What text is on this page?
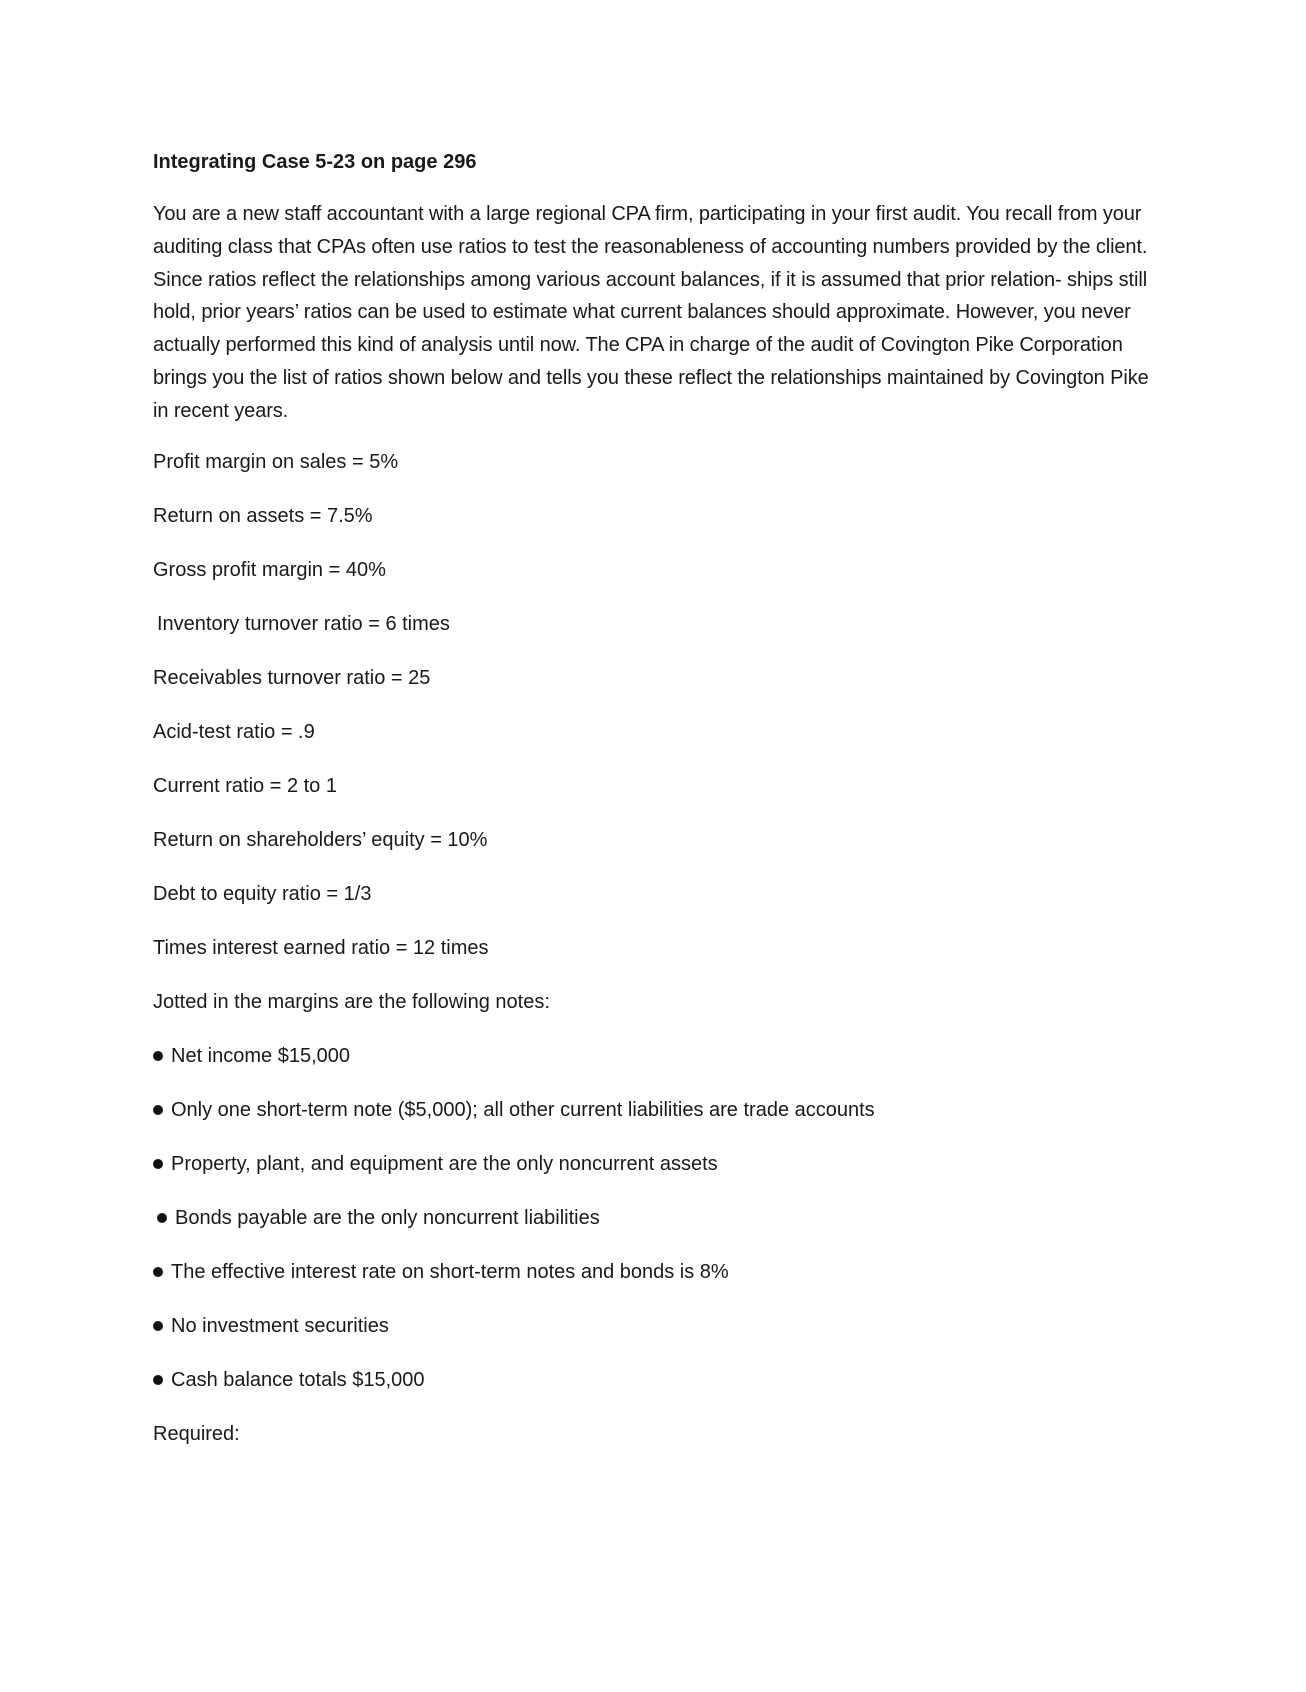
Integrating Case 5-23 on page 296

You are a new staff accountant with a large regional CPA firm, participating in your first audit. You recall from your auditing class that CPAs often use ratios to test the reasonableness of accounting numbers provided by the client. Since ratios reflect the relationships among various account balances, if it is assumed that prior relation- ships still hold, prior years’ ratios can be used to estimate what current balances should approximate. However, you never actually performed this kind of analysis until now. The CPA in charge of the audit of Covington Pike Corporation brings you the list of ratios shown below and tells you these reflect the relationships maintained by Covington Pike in recent years.

Profit margin on sales = 5%
Return on assets = 7.5%
Gross profit margin = 40%
Inventory turnover ratio = 6 times
Receivables turnover ratio = 25
Acid-test ratio = .9
Current ratio = 2 to 1
Return on shareholders’ equity = 10%
Debt to equity ratio = 1/3
Times interest earned ratio = 12 times

Jotted in the margins are the following notes:

Net income $15,000
Only one short-term note ($5,000); all other current liabilities are trade accounts
Property, plant, and equipment are the only noncurrent assets
Bonds payable are the only noncurrent liabilities
The effective interest rate on short-term notes and bonds is 8%
No investment securities
Cash balance totals $15,000

Required:
